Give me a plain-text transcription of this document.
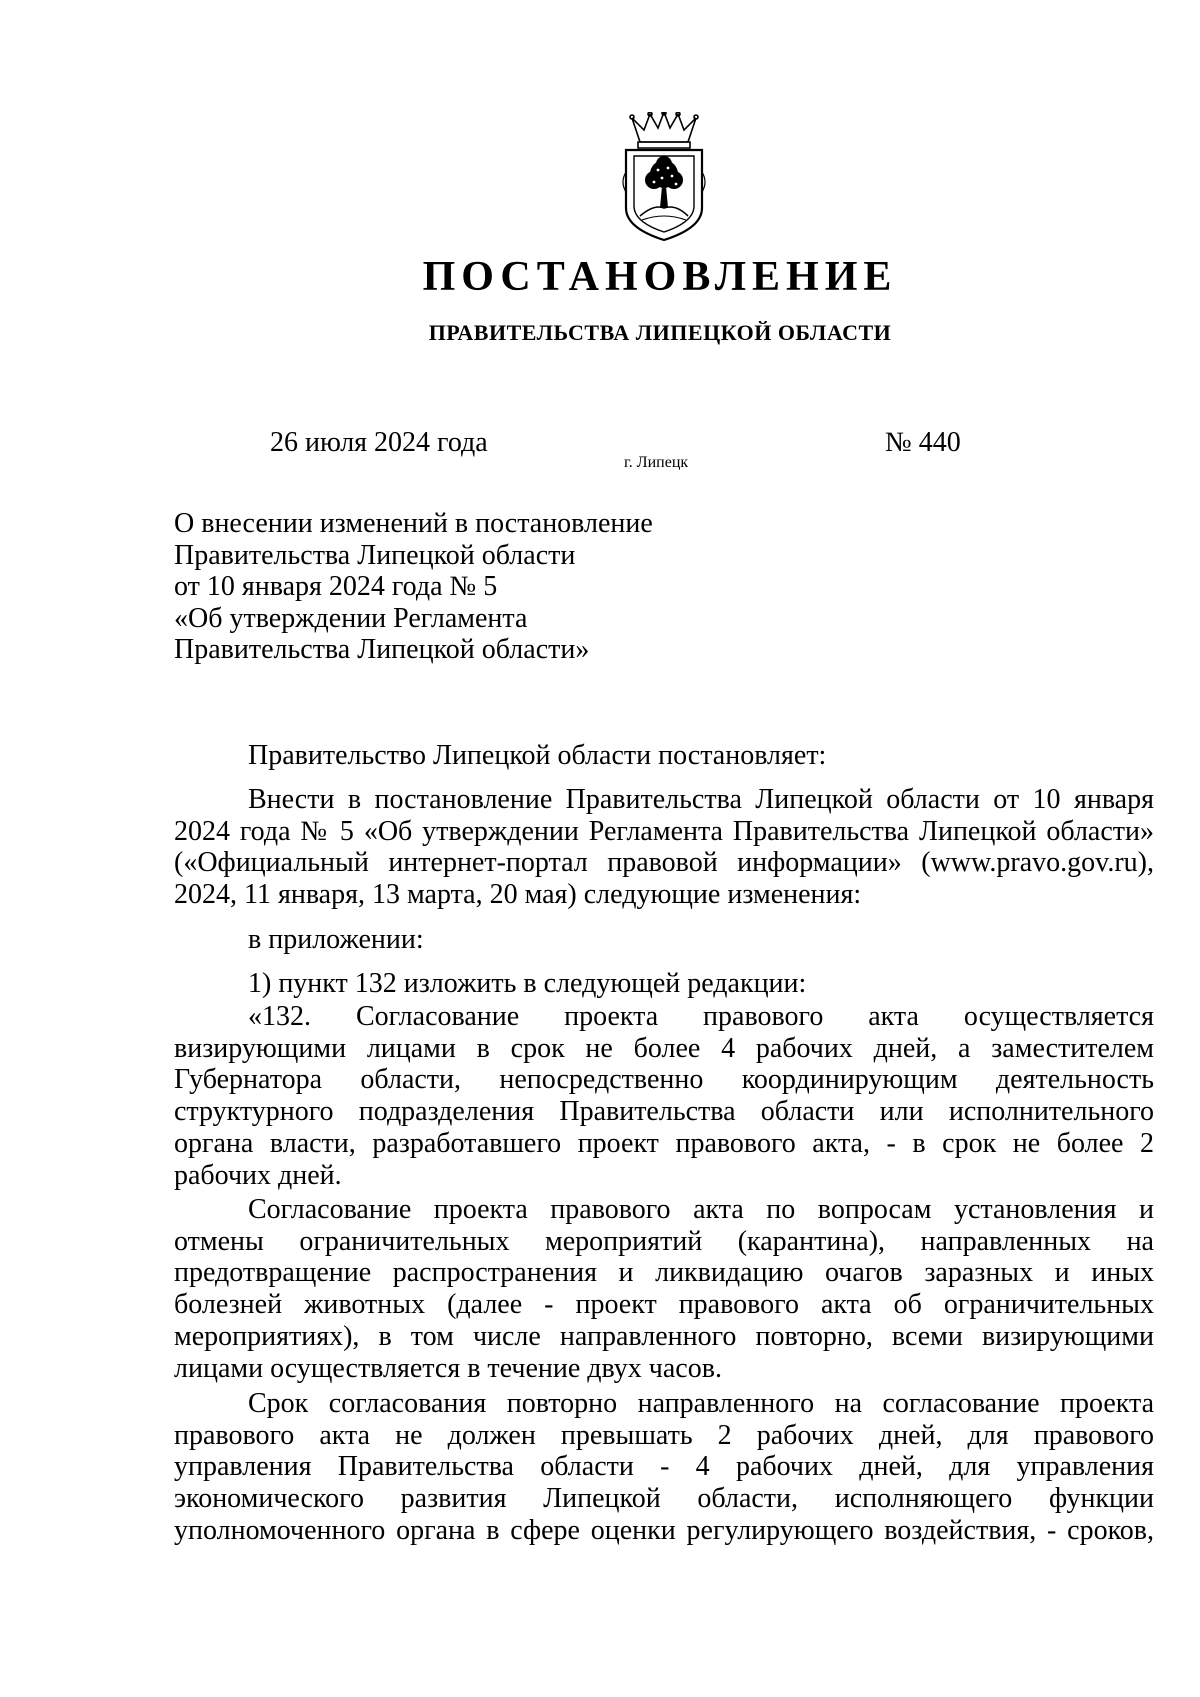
ПОСТАНОВЛЕНИЕ
ПРАВИТЕЛЬСТВА ЛИПЕЦКОЙ ОБЛАСТИ
26 июля 2024 года
г. Липецк
№ 440
О внесении изменений в постановление
Правительства Липецкой области
от 10 января 2024 года № 5
«Об утверждении Регламента
Правительства Липецкой области»
Правительство Липецкой области постановляет:
Внести в постановление Правительства Липецкой области от 10 января
2024 года № 5 «Об утверждении Регламента Правительства Липецкой области»
(«Официальный интернет-портал правовой информации» (www.pravo.gov.ru),
2024, 11 января, 13 марта, 20 мая) следующие изменения:
в приложении:
1) пункт 132 изложить в следующей редакции:
«132. Согласование проекта правового акта осуществляется
визирующими лицами в срок не более 4 рабочих дней, а заместителем
Губернатора области, непосредственно координирующим деятельность
структурного подразделения Правительства области или исполнительного
органа власти, разработавшего проект правового акта, - в срок не более 2
рабочих дней.
Согласование проекта правового акта по вопросам установления и
отмены ограничительных мероприятий (карантина), направленных на
предотвращение распространения и ликвидацию очагов заразных и иных
болезней животных (далее - проект правового акта об ограничительных
мероприятиях), в том числе направленного повторно, всеми визирующими
лицами осуществляется в течение двух часов.
Срок согласования повторно направленного на согласование проекта
правового акта не должен превышать 2 рабочих дней, для правового
управления Правительства области - 4 рабочих дней, для управления
экономического развития Липецкой области, исполняющего функции
уполномоченного органа в сфере оценки регулирующего воздействия, - сроков,
